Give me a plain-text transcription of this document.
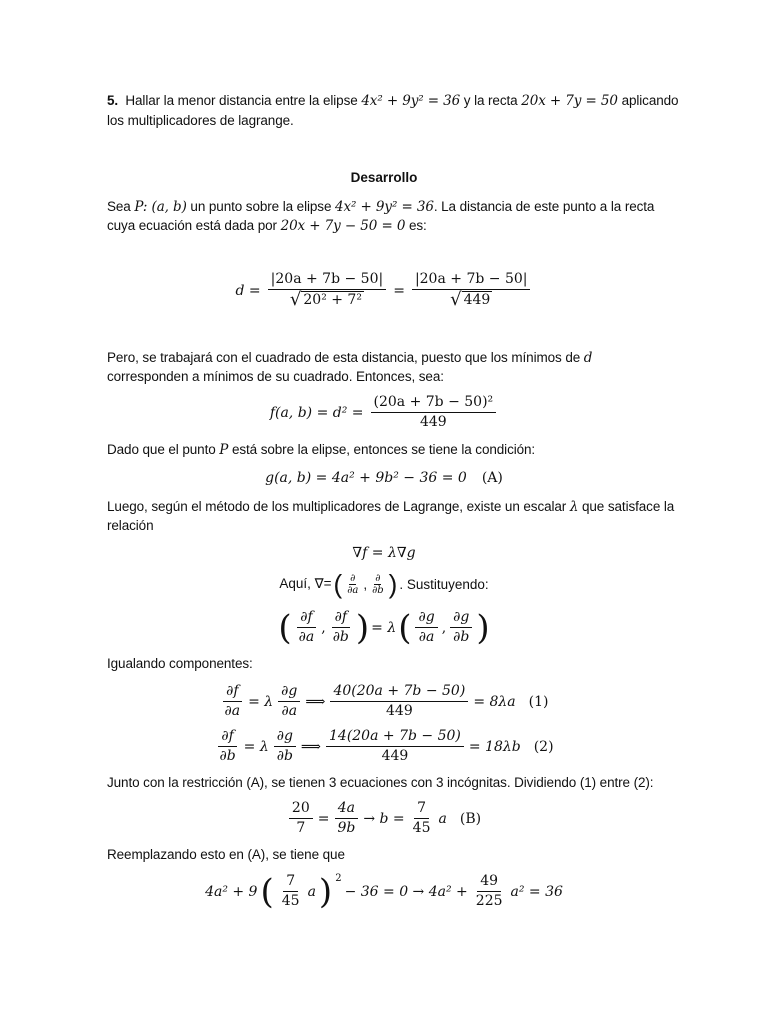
5. Hallar la menor distancia entre la elipse 4x² + 9y² = 36 y la recta 20x + 7y = 50 aplicando
los multiplicadores de lagrange.
Desarrollo
Sea P: (a, b) un punto sobre la elipse 4x² + 9y² = 36. La distancia de este punto a la recta
cuya ecuación está dada por 20x + 7y − 50 = 0 es:
$d = \frac{|20a + 7b - 50|}{\text{√ 20² + 7²}} = \frac{|20a + 7b - 50|}{√ 449}$
Pero, se trabajará con el cuadrado de esta distancia, puesto que los mínimos de d
corresponden a mínimos de su cuadrado. Entonces, sea:
f(a, $b) = d^2 = \frac{\text{(20a + 7b − 50)²}}{449}$
Dado que el punto P está sobre la elipse, entonces se tiene la condición:
g(a, b) = 4a² + 9b² − 36 = 0 (A)
Luego, según el método de los multiplicadores de Lagrange, existe un escalar λ que satisface la
relación
∇f = λ∇g
Aquí, ∇= ( $\frac{\partial}{\partial a}$ , $\frac{\partial}{\partial b}$ ) . Sustituyendo:
( $\frac{\partial f}{\partial a}$ , $\frac{\partial f}{\partial b}$ ) = λ ( $\frac{\partial g}{\partial a}$ , $\frac{\partial g}{\partial b}$ )
Igualando componentes:
$\frac{\partial f}{\partial a} = \lambda \frac{\partial g}{\partial a}$ ⟹ $\frac{40(20a + 7b - 50)}{449} = 8\lambda a$ (1)
$\frac{\partial f}{\partial b} = \lambda \frac{\partial g}{\partial b}$ ⟹ $\frac{14(20a + 7b - 50)}{449} = 18\lambda b$ (2)
Junto con la restricción (A), se tienen 3 ecuaciones con 3 incógnitas. Dividiendo (1) entre (2):
$\frac{20}{7} = \frac{4a}{9b} \to b = \frac{7}{45}$ a (B)
Reemplazando esto en (A), se tiene que
4a² + 9 ( $\frac{7}{45}$ a ) $^2$
− $36 = 0 \to 4a^2 + \frac{49}{225} a^2 = 36$
